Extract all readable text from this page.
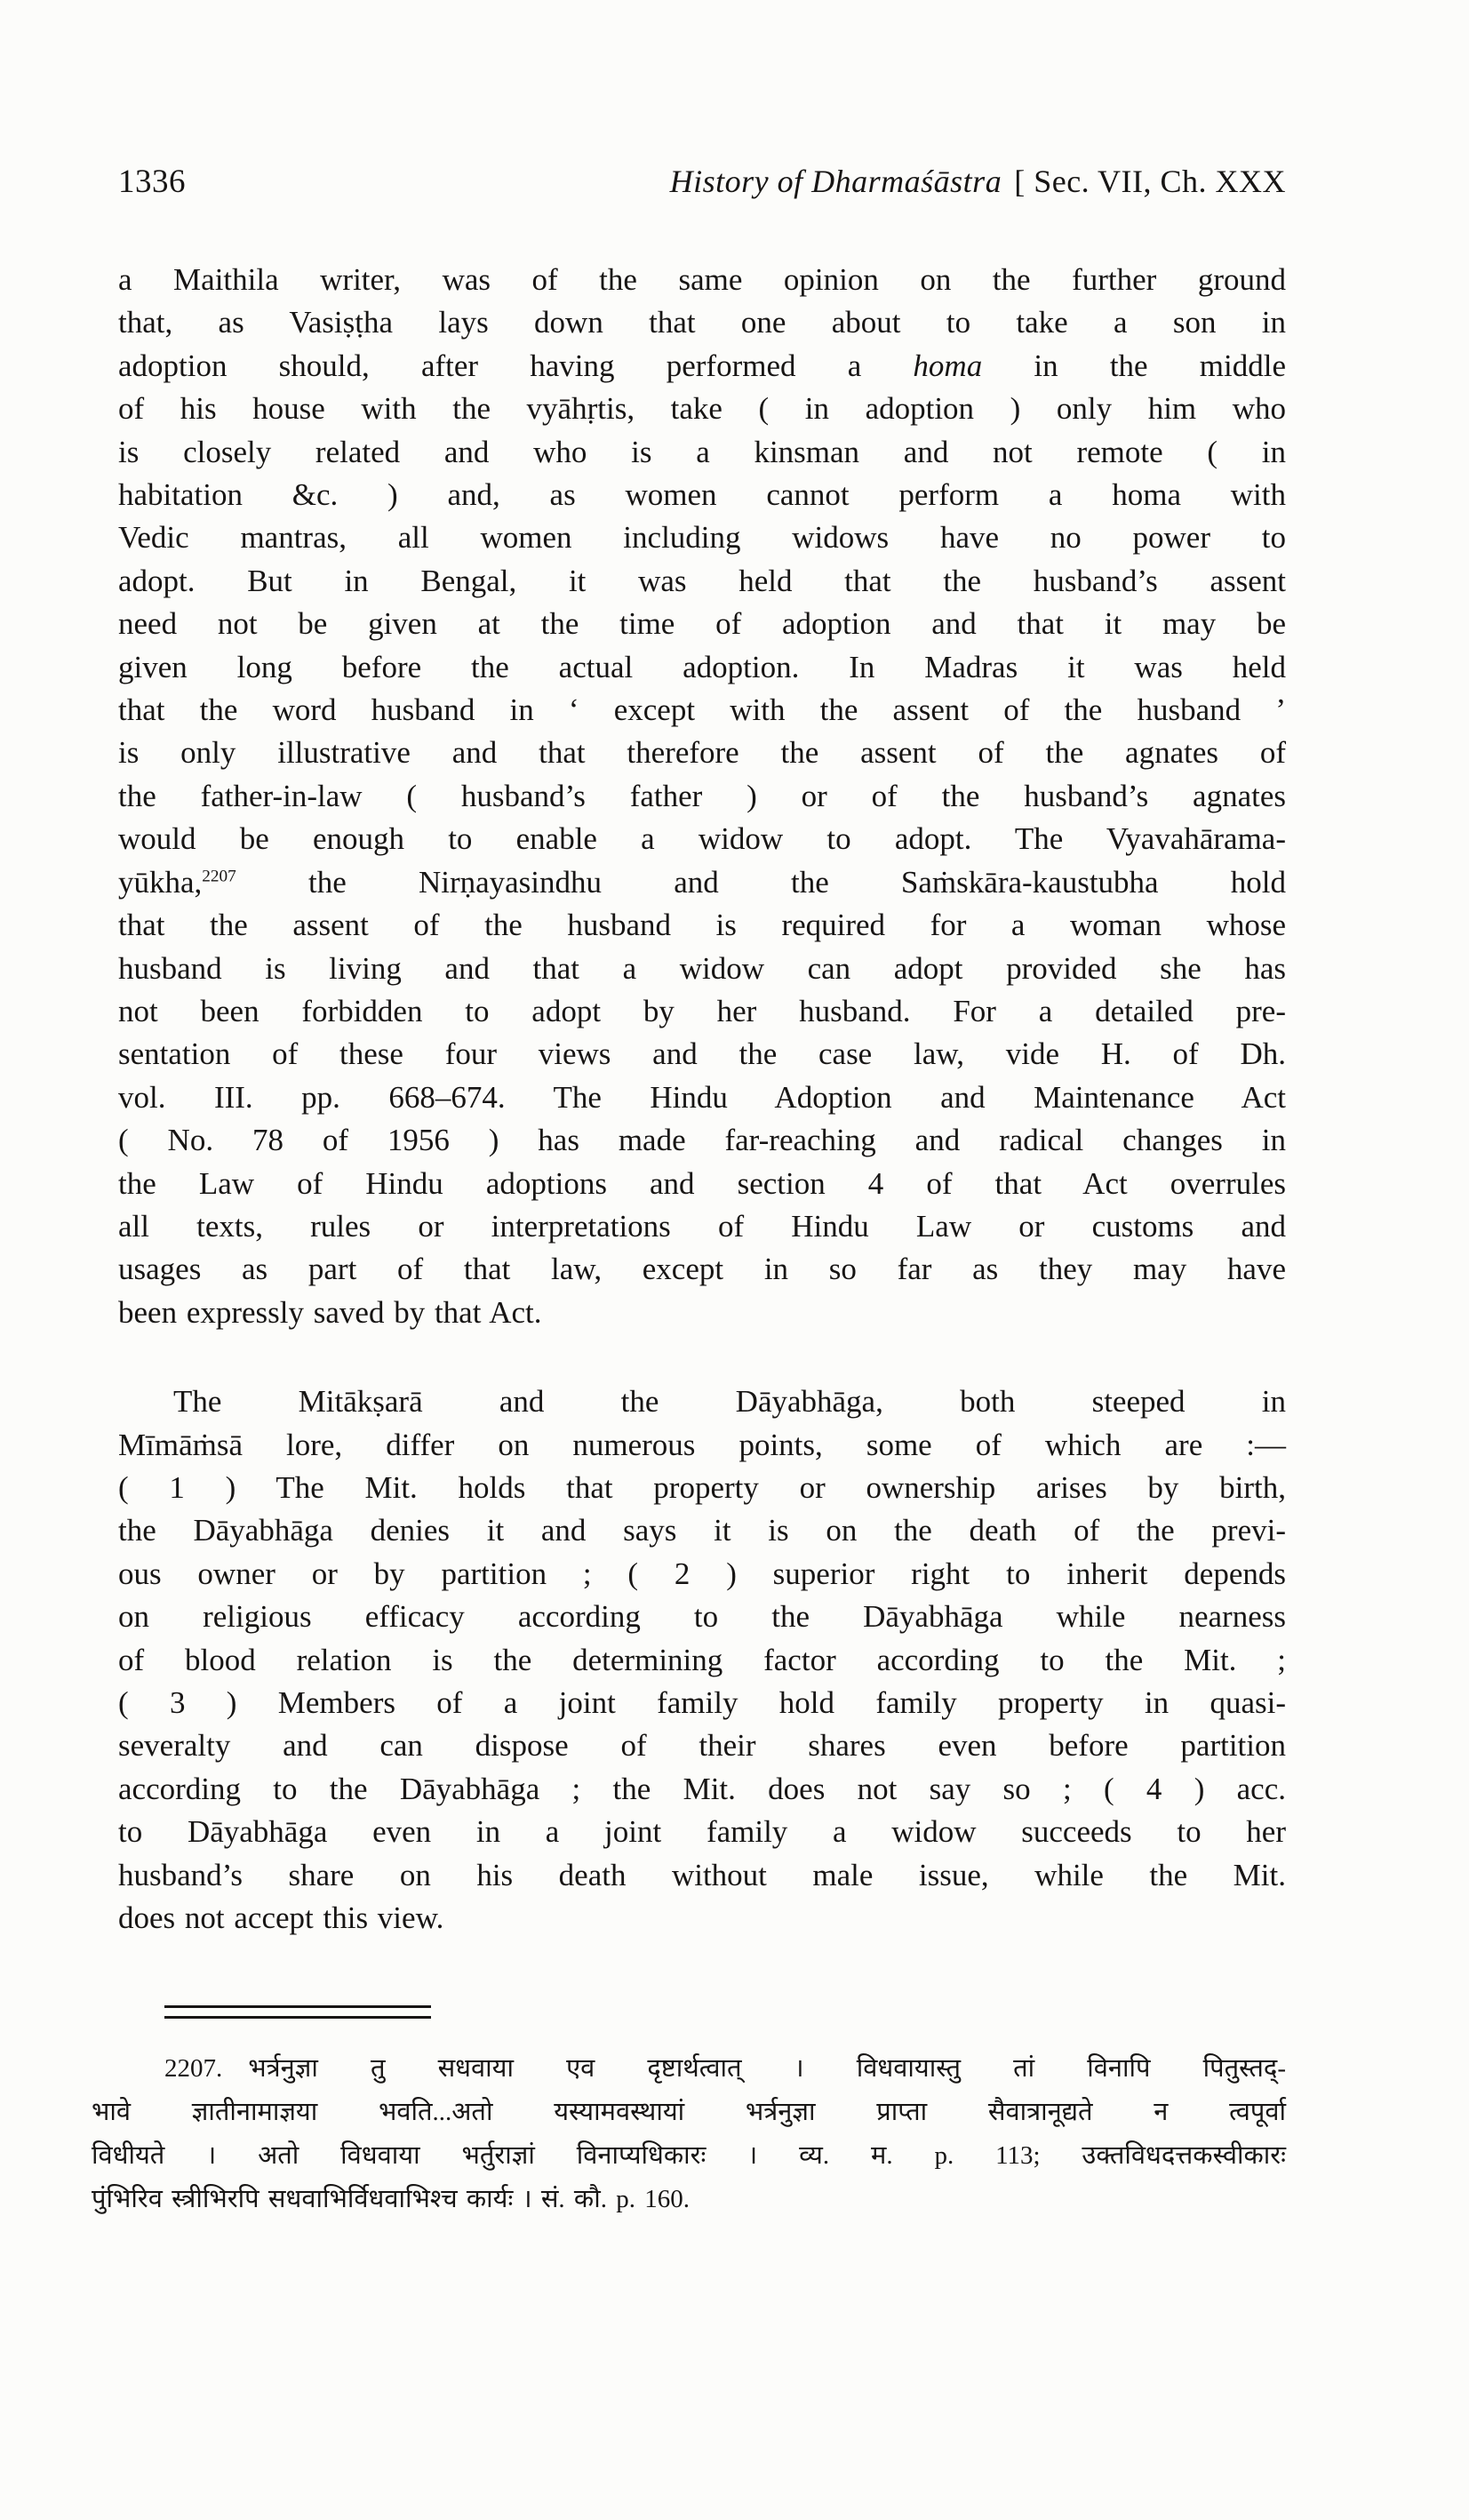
1336	History of Dharmaśāstra [ Sec. VII, Ch. XXX
a Maithila writer, was of the same opinion on the further ground
that, as Vasiṣṭha lays down that one about to take a son in
adoption should, after having performed a homa in the middle
of his house with the vyāhṛtis, take ( in adoption ) only him who
is closely related and who is a kinsman and not remote ( in
habitation &c. ) and, as women cannot perform a homa with
Vedic mantras, all women including widows have no power to
adopt. But in Bengal, it was held that the husband’s assent
need not be given at the time of adoption and that it may be
given long before the actual adoption. In Madras it was held
that the word husband in ‘ except with the assent of the husband ’
is only illustrative and that therefore the assent of the agnates of
the father-in-law ( husband’s father ) or of the husband’s agnates
would be enough to enable a widow to adopt. The Vyavahārama-
yūkha,$^{2207}$ the Nirṇayasindhu and the Saṁskāra-kaustubha hold
that the assent of the husband is required for a woman whose
husband is living and that a widow can adopt provided she has
not been forbidden to adopt by her husband. For a detailed pre-
sentation of these four views and the case law, vide H. of Dh.
vol. III. pp. 668–674. The Hindu Adoption and Maintenance Act
( No. 78 of 1956 ) has made far-reaching and radical changes in
the Law of Hindu adoptions and section 4 of that Act overrules
all texts, rules or interpretations of Hindu Law or customs and
usages as part of that law, except in so far as they may have
been expressly saved by that Act.
The Mitākṣarā and the Dāyabhāga, both steeped in
Mīmāṁsā lore, differ on numerous points, some of which are :—
( 1 ) The Mit. holds that property or ownership arises by birth,
the Dāyabhāga denies it and says it is on the death of the previ-
ous owner or by partition ; ( 2 ) superior right to inherit depends
on religious efficacy according to the Dāyabhāga while nearness
of blood relation is the determining factor according to the Mit. ;
( 3 ) Members of a joint family hold family property in quasi-
severalty and can dispose of their shares even before partition
according to the Dāyabhāga ; the Mit. does not say so ; ( 4 ) acc.
to Dāyabhāga even in a joint family a widow succeeds to her
husband’s share on his death without male issue, while the Mit.
does not accept this view.
2207. भर्त्रनुज्ञा तु सधवाया एव दृष्टार्थत्वात् । विधवायास्तु तां विनापि पितुस्तद्-
भावे ज्ञातीनामाज्ञया भवति...अतो यस्यामवस्थायां भर्त्रनुज्ञा प्राप्ता सैवात्रानूद्यते न त्वपूर्वा
विधीयते । अतो विधवाया भर्तुराज्ञां विनाप्यधिकारः । व्य. म. p. 113; उक्तविधदत्तकस्वीकारः
पुंभिरिव स्त्रीभिरपि सधवाभिर्विधवाभिश्च कार्यः । सं. कौ. p. 160.
